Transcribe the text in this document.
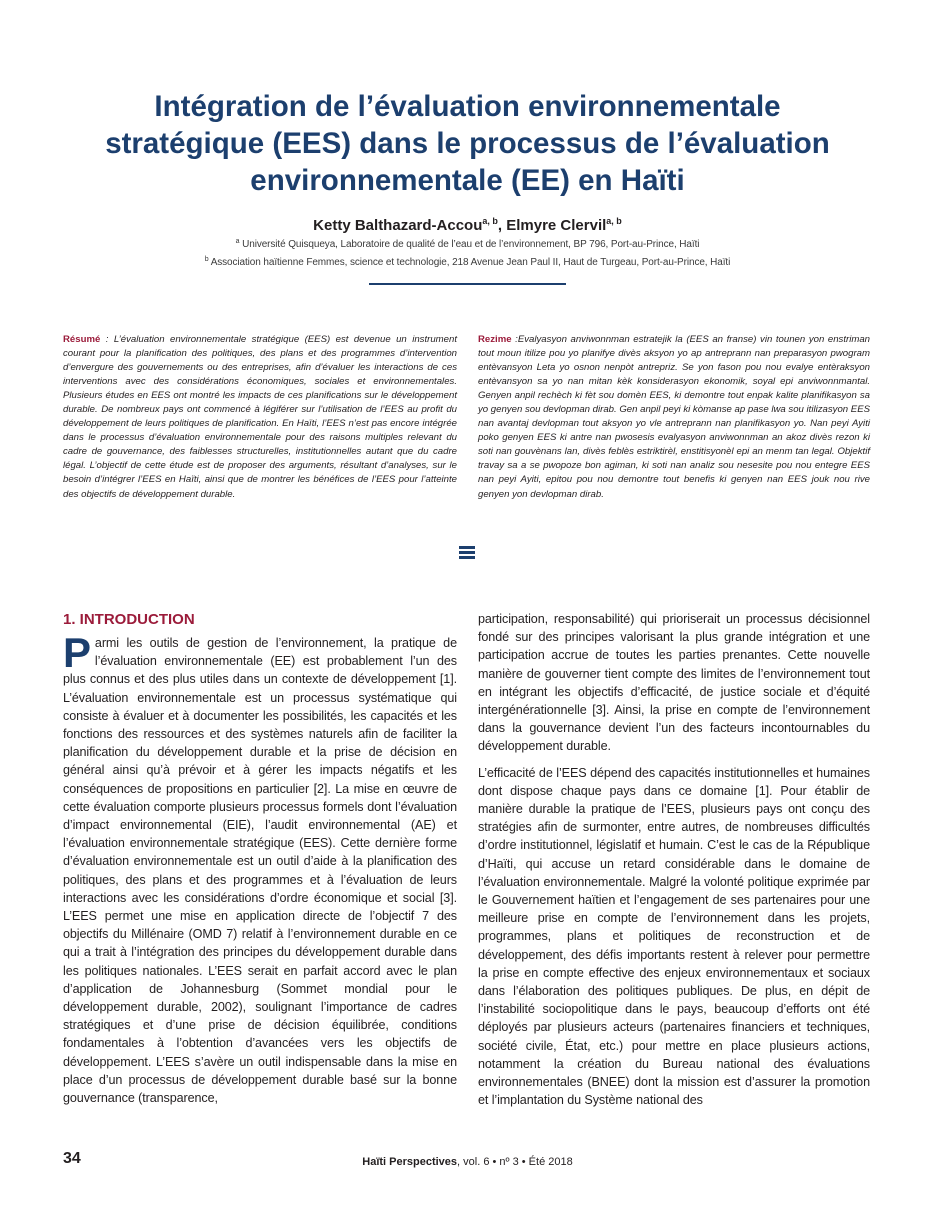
Intégration de l’évaluation environnementale
stratégique (EES) dans le processus de l’évaluation
environnementale (EE) en Haïti
Ketty Balthazard-Accou$^{a, b}$, Elmyre Clervil$^{a, b}$
$^a$ Université Quisqueya, Laboratoire de qualité de l’eau et de l’environnement, BP 796, Port-au-Prince, Haïti
$^b$ Association haïtienne Femmes, science et technologie, 218 Avenue Jean Paul II, Haut de Turgeau, Port-au-Prince, Haïti
Résumé : L’évaluation environnementale stratégique (EES) est devenue un instrument courant pour la planification des politiques, des plans et des programmes d’intervention d’envergure des gouvernements ou des entreprises, afin d’évaluer les interactions de ces interventions avec des considérations économiques, sociales et environnementales. Plusieurs études en EES ont montré les impacts de ces planifications sur le développement durable. De nombreux pays ont commencé à légiférer sur l’utilisation de l’EES au profit du développement de leurs politiques de planification. En Haïti, l’EES n’est pas encore intégrée dans le processus d’évaluation environnementale pour des raisons multiples relevant du cadre de gouvernance, des faiblesses structurelles, institutionnelles autant que du cadre légal. L’objectif de cette étude est de proposer des arguments, résultant d’analyses, sur le besoin d’intégrer l’EES en Haïti, ainsi que de montrer les bénéfices de l’EES pour l’atteinte des objectifs de développement durable.
Rezime :Evalyasyon anviwonnman estratejik la (EES an franse) vin tounen yon enstriman tout moun itilize pou yo planifye divès aksyon yo ap antreprann nan preparasyon pwogram entèvansyon Leta yo osnon nenpòt antrepriz. Se yon fason pou nou evalye entèraksyon entèvansyon sa yo nan mitan kèk konsiderasyon ekonomik, soyal epi anviwonnmantal. Genyen anpil rechèch ki fèt sou domèn EES, ki demontre tout enpak kalite planifikasyon sa yo genyen sou devlopman dirab. Gen anpil peyi ki kòmanse ap pase lwa sou itilizasyon EES nan avantaj devlopman tout aksyon yo vle antreprann nan planifikasyon yo. Nan peyi Ayiti poko genyen EES ki antre nan pwosesis evalyasyon anviwonnman an akoz divès rezon ki soti nan gouvènans lan, divès feblès estriktirèl, enstitisyonèl epi an menm tan legal. Objektif travay sa a se pwopoze bon agiman, ki soti nan analiz sou nesesite pou nou entegre EES nan peyi Ayiti, epitou pou nou demontre tout benefis ki genyen nan EES jouk nou rive genyen yon devlopman dirab.
1. INTRODUCTION

Parmi les outils de gestion de l’environnement, la pratique de l’évaluation environnementale (EE) est probablement l’un des plus connus et des plus utiles dans un contexte de développement [1]. L’évaluation environnementale est un processus systématique qui consiste à évaluer et à documenter les possibilités, les capacités et les fonctions des ressources et des systèmes naturels afin de faciliter la planification du développement durable et la prise de décision en général ainsi qu’à prévoir et à gérer les impacts négatifs et les conséquences de propositions en particulier [2]. La mise en œuvre de cette évaluation comporte plusieurs processus formels dont l’évaluation d’impact environnemental (EIE), l’audit environnemental (AE) et l’évaluation environnementale stratégique (EES). Cette dernière forme d’évaluation environnementale est un outil d’aide à la planification des politiques, des plans et des programmes et à l’évaluation de leurs interactions avec les considérations d’ordre économique et social [3]. L’EES permet une mise en application directe de l’objectif 7 des objectifs du Millénaire (OMD 7) relatif à l’environnement durable en ce qui a trait à l’intégration des principes du développement durable dans les politiques nationales. L’EES serait en parfait accord avec le plan d’application de Johannesburg (Sommet mondial pour le développement durable, 2002), soulignant l’importance de cadres stratégiques et d’une prise de décision équilibrée, conditions fondamentales à l’obtention d’avancées vers les objectifs de développement. L’EES s’avère un outil indispensable dans la mise en place d’un processus de développement durable basé sur la bonne gouvernance (transparence,

participation, responsabilité) qui prioriserait un processus décisionnel fondé sur des principes valorisant la plus grande intégration et une participation accrue de toutes les parties prenantes. Cette nouvelle manière de gouverner tient compte des limites de l’environnement tout en intégrant les objectifs d’efficacité, de justice sociale et d’équité intergénérationnelle [3]. Ainsi, la prise en compte de l’environnement dans la gouvernance devient l’un des facteurs incontournables du développement durable.

L’efficacité de l’EES dépend des capacités institutionnelles et humaines dont dispose chaque pays dans ce domaine [1]. Pour établir de manière durable la pratique de l’EES, plusieurs pays ont conçu des stratégies afin de surmonter, entre autres, de nombreuses difficultés d’ordre institutionnel, législatif et humain. C’est le cas de la République d’Haïti, qui accuse un retard considérable dans le domaine de l’évaluation environnementale. Malgré la volonté politique exprimée par le Gouvernement haïtien et l’engagement de ses partenaires pour une meilleure prise en compte de l’environnement dans les projets, programmes, plans et politiques de reconstruction et de développement, des défis importants restent à relever pour permettre la prise en compte effective des enjeux environnementaux et sociaux dans l’élaboration des politiques publiques. De plus, en dépit de l’instabilité sociopolitique dans le pays, beaucoup d’efforts ont été déployés par plusieurs acteurs (partenaires financiers et techniques, société civile, État, etc.) pour mettre en place plusieurs actions, notamment la création du Bureau national des évaluations environnementales (BNEE) dont la mission est d’assurer la promotion et l’implantation du Système national des

34	Haïti Perspectives, vol. 6 • nº 3 • Été 2018
